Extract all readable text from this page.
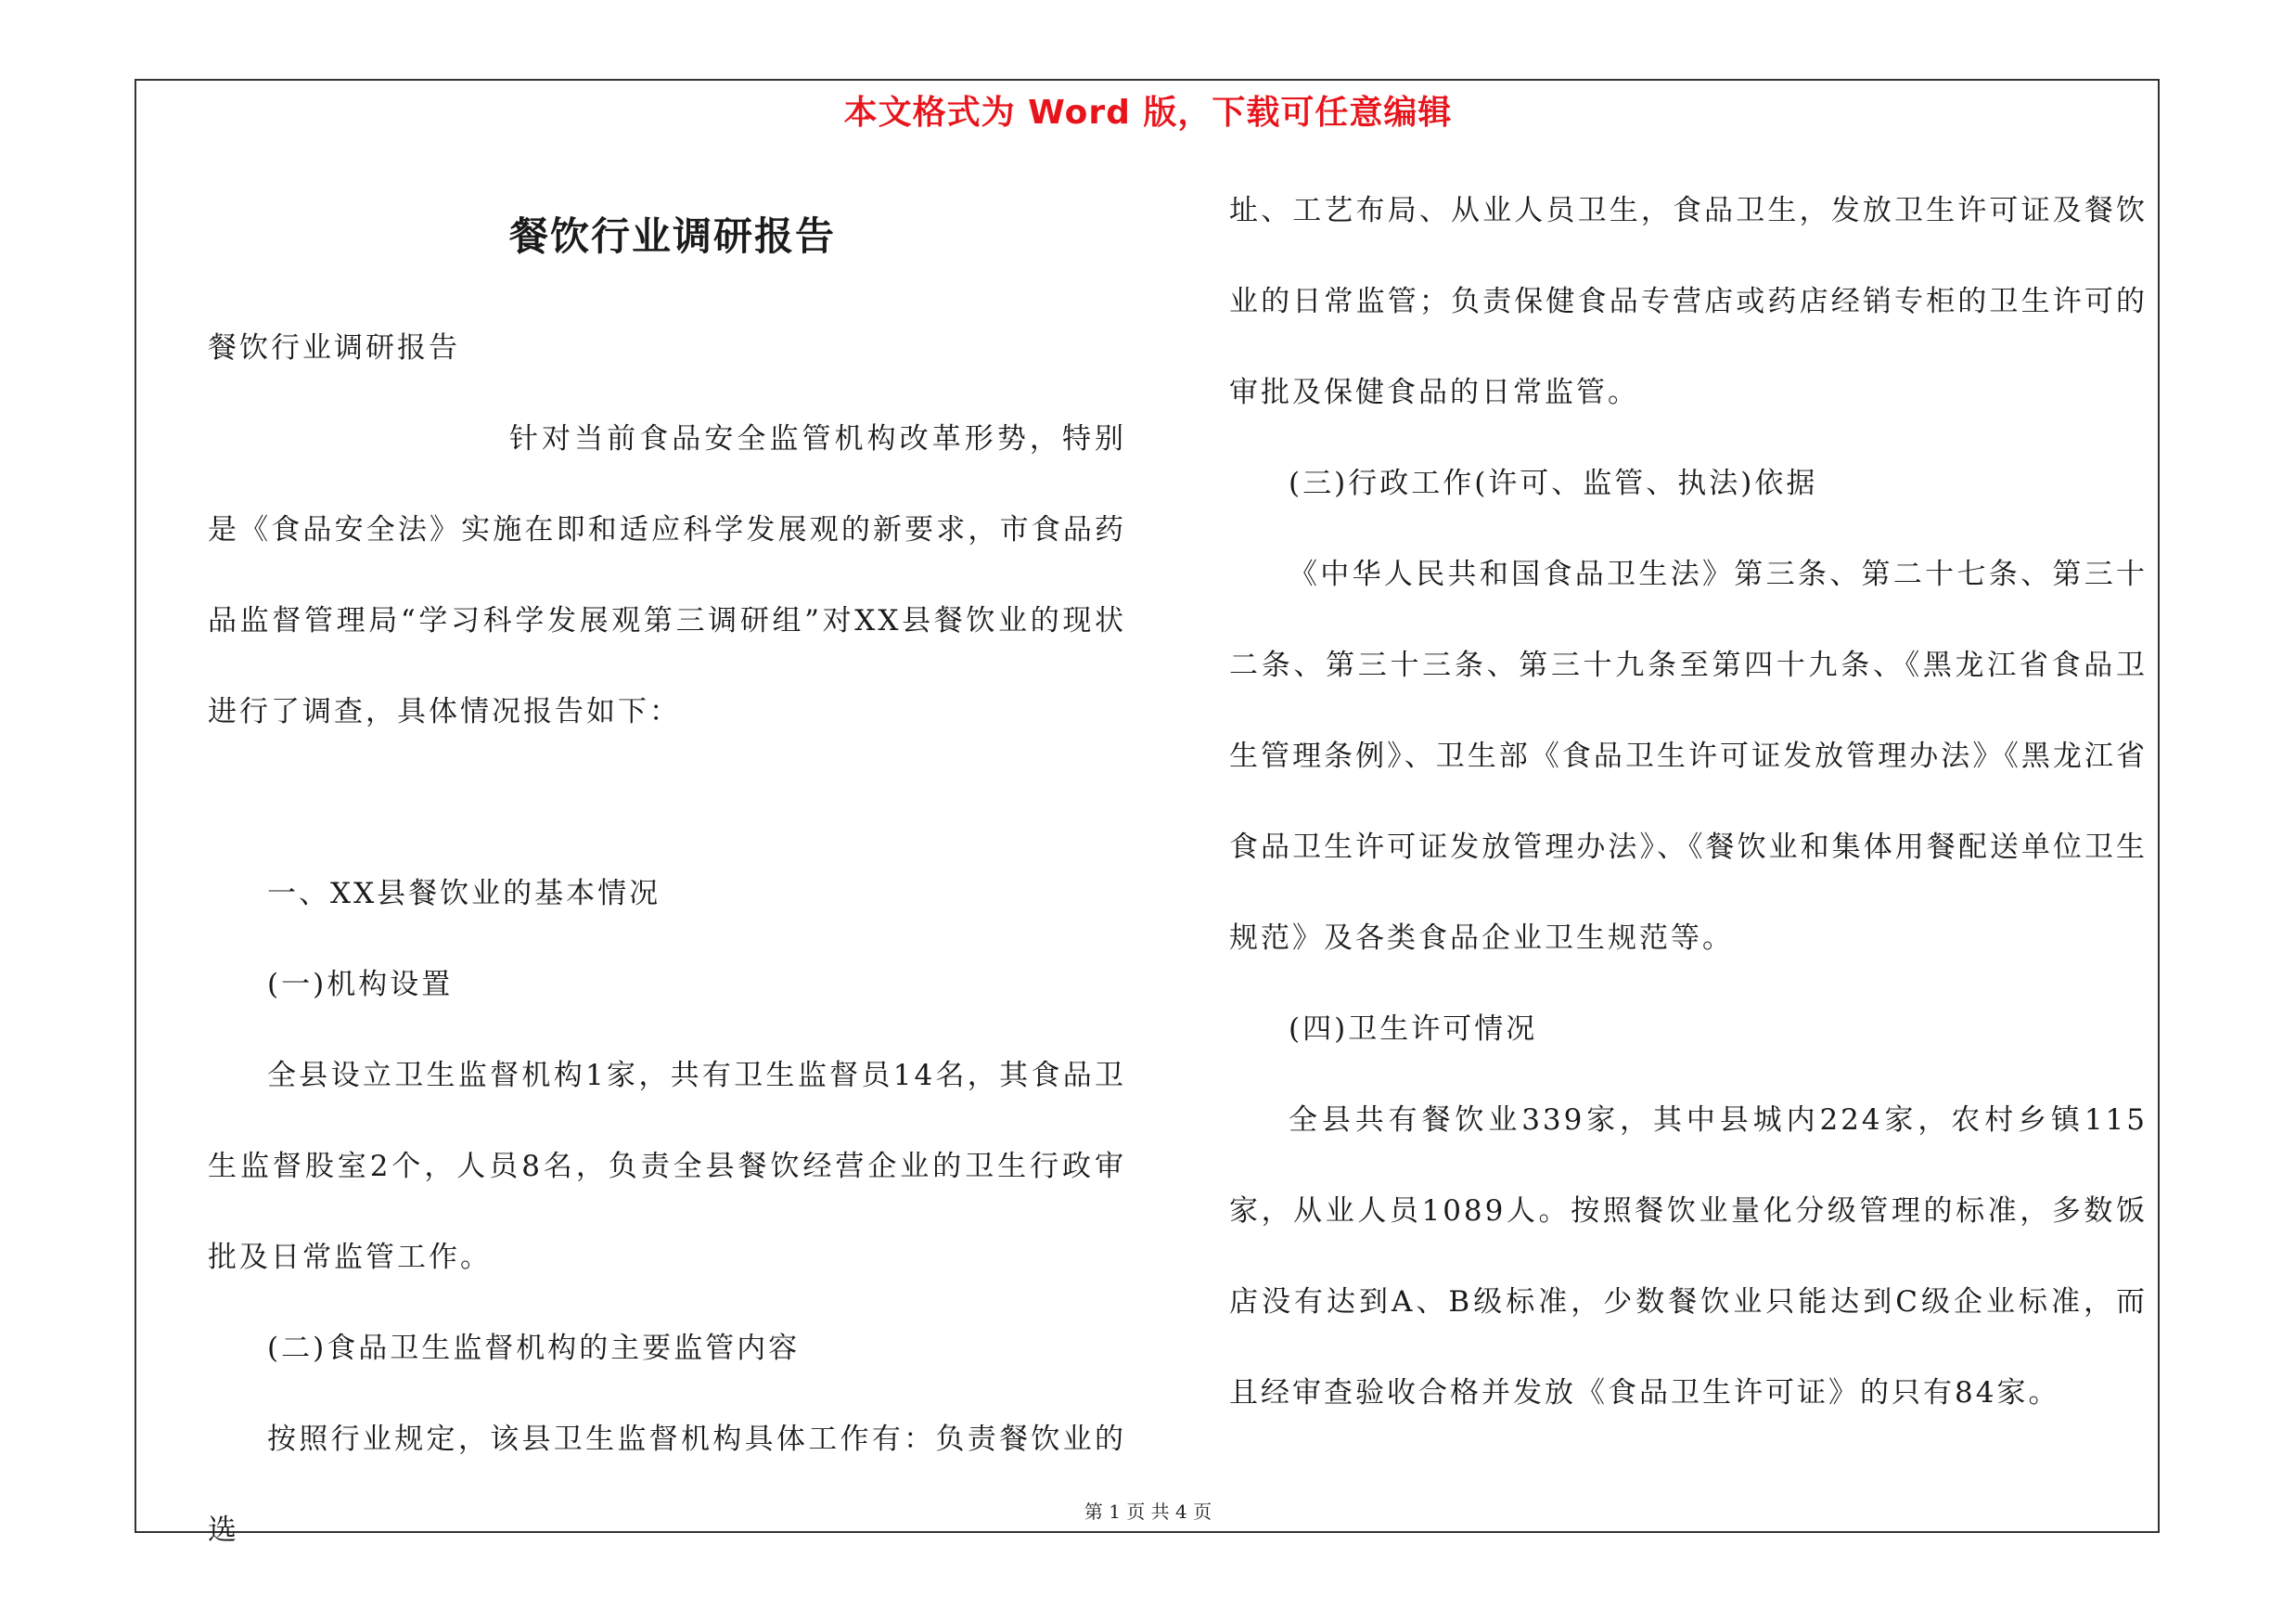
本文格式为 Word 版，下载可任意编辑
餐饮行业调研报告

餐饮行业调研报告

针对当前食品安全监管机构改革形势，特别是《食品安全法》实施在即和适应科学发展观的新要求，市食品药品监督管理局“学习科学发展观第三调研组”对XX县餐饮业的现状进行了调查，具体情况报告如下：

一、XX县餐饮业的基本情况

(一)机构设置

全县设立卫生监督机构1家，共有卫生监督员14名，其食品卫生监督股室2个，人员8名，负责全县餐饮经营企业的卫生行政审批及日常监管工作。

(二)食品卫生监督机构的主要监管内容

按照行业规定，该县卫生监督机构具体工作有：负责餐饮业的选

址、工艺布局、从业人员卫生，食品卫生，发放卫生许可证及餐饮业的日常监管；负责保健食品专营店或药店经销专柜的卫生许可的审批及保健食品的日常监管。

(三)行政工作(许可、监管、执法)依据

《中华人民共和国食品卫生法》第三条、第二十七条、第三十二条、第三十三条、第三十九条至第四十九条、《黑龙江省食品卫生管理条例》、卫生部《食品卫生许可证发放管理办法》《黑龙江省食品卫生许可证发放管理办法》、《餐饮业和集体用餐配送单位卫生规范》及各类食品企业卫生规范等。

(四)卫生许可情况

全县共有餐饮业339家，其中县城内224家，农村乡镇115家，从业人员1089人。按照餐饮业量化分级管理的标准，多数饭店没有达到A、B级标准，少数餐饮业只能达到C级企业标准，而且经审查验收合格并发放《食品卫生许可证》的只有84家。

第 1 页 共 4 页
